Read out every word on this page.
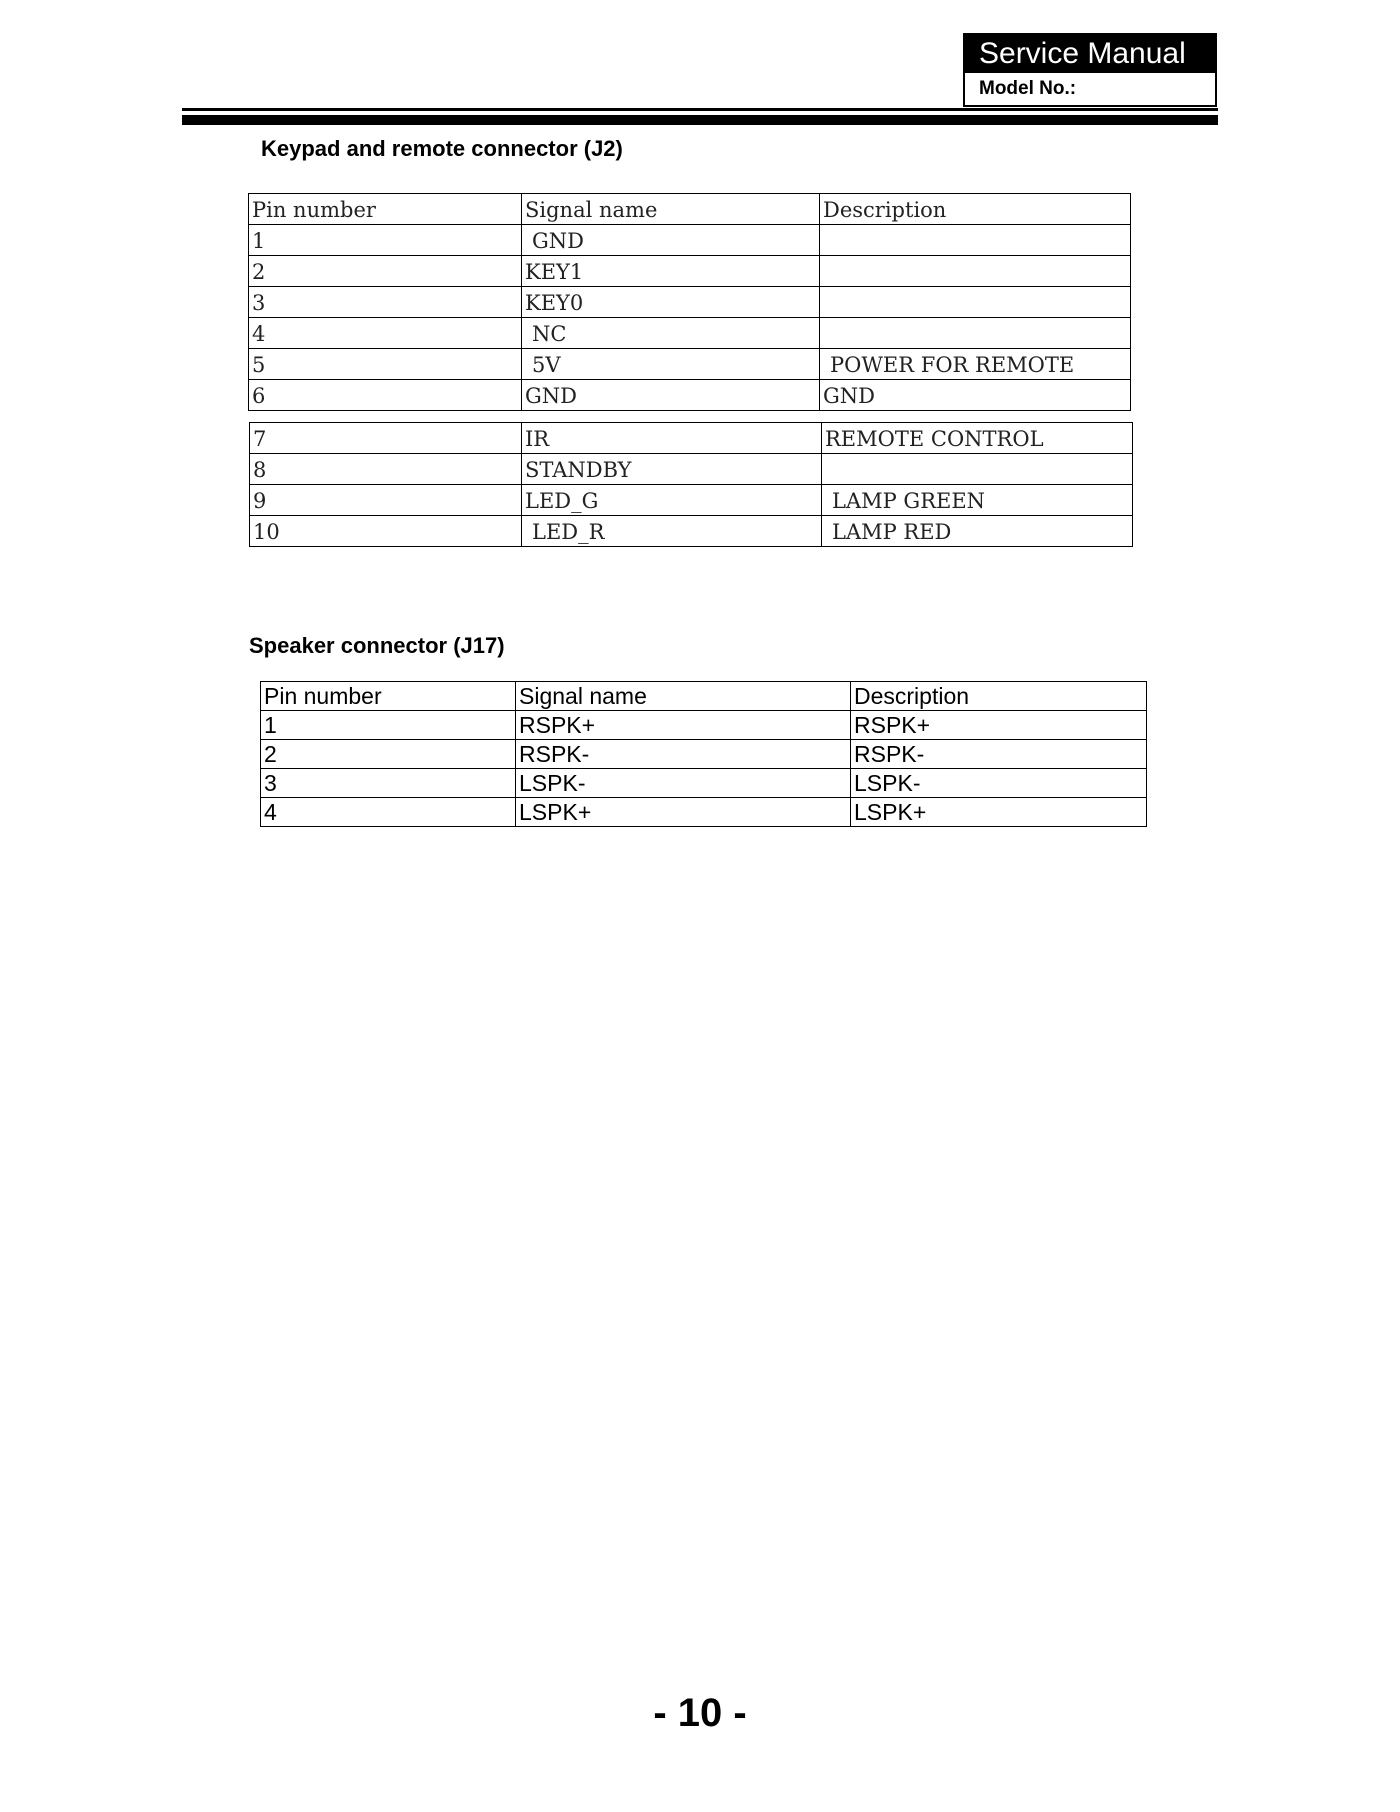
Service Manual
Model No.:
Keypad and remote connector (J2)
Pin number	Signal name	Description
1	GND	
2	KEY1	
3	KEY0	
4	NC	
5	5V	POWER FOR REMOTE
6	GND	GND
7	IR	REMOTE CONTROL
8	STANDBY	
9	LED_G	LAMP GREEN
10	LED_R	LAMP RED
Speaker connector (J17)
Pin number	Signal name	Description
1	RSPK+	RSPK+
2	RSPK-	RSPK-
3	LSPK-	LSPK-
4	LSPK+	LSPK+
- 10 -
